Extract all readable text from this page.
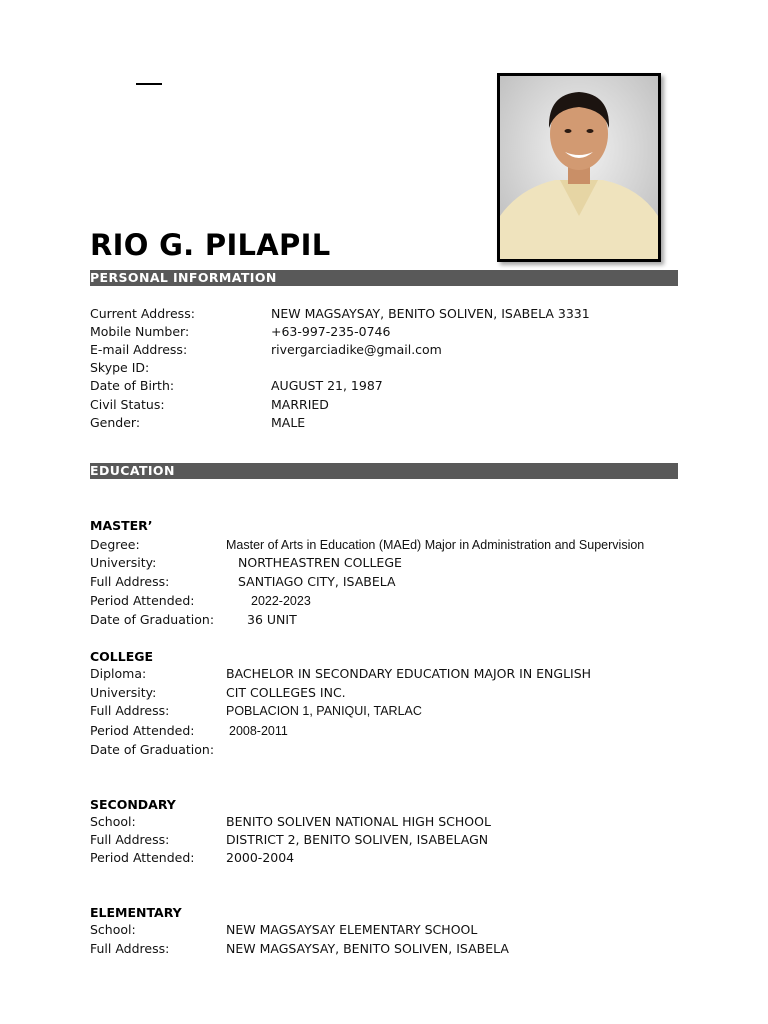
RIO G. PILAPIL
PERSONAL INFORMATION
Current Address:	NEW MAGSAYSAY, BENITO SOLIVEN, ISABELA 3331
Mobile Number:	+63-997-235-0746
E-mail Address:	rivergarciadike@gmail.com
Skype ID:
Date of Birth:	AUGUST 21, 1987
Civil Status:	MARRIED
Gender:	MALE
EDUCATION
MASTER’
Degree:	Master of Arts in Education (MAEd) Major in Administration and Supervision
University:	NORTHEASTREN COLLEGE
Full Address:	SANTIAGO CITY, ISABELA
Period Attended:	2022-2023
Date of Graduation:	36 UNIT
COLLEGE
Diploma:	BACHELOR IN SECONDARY EDUCATION MAJOR IN ENGLISH
University:	CIT COLLEGES INC.
Full Address:	POBLACION 1, PANIQUI, TARLAC
Period Attended:	2008-2011
Date of Graduation:
SECONDARY
School:	BENITO SOLIVEN NATIONAL HIGH SCHOOL
Full Address:	DISTRICT 2, BENITO SOLIVEN, ISABELAGN
Period Attended:	2000-2004
ELEMENTARY
School:	NEW MAGSAYSAY ELEMENTARY SCHOOL
Full Address:	NEW MAGSAYSAY, BENITO SOLIVEN, ISABELA
